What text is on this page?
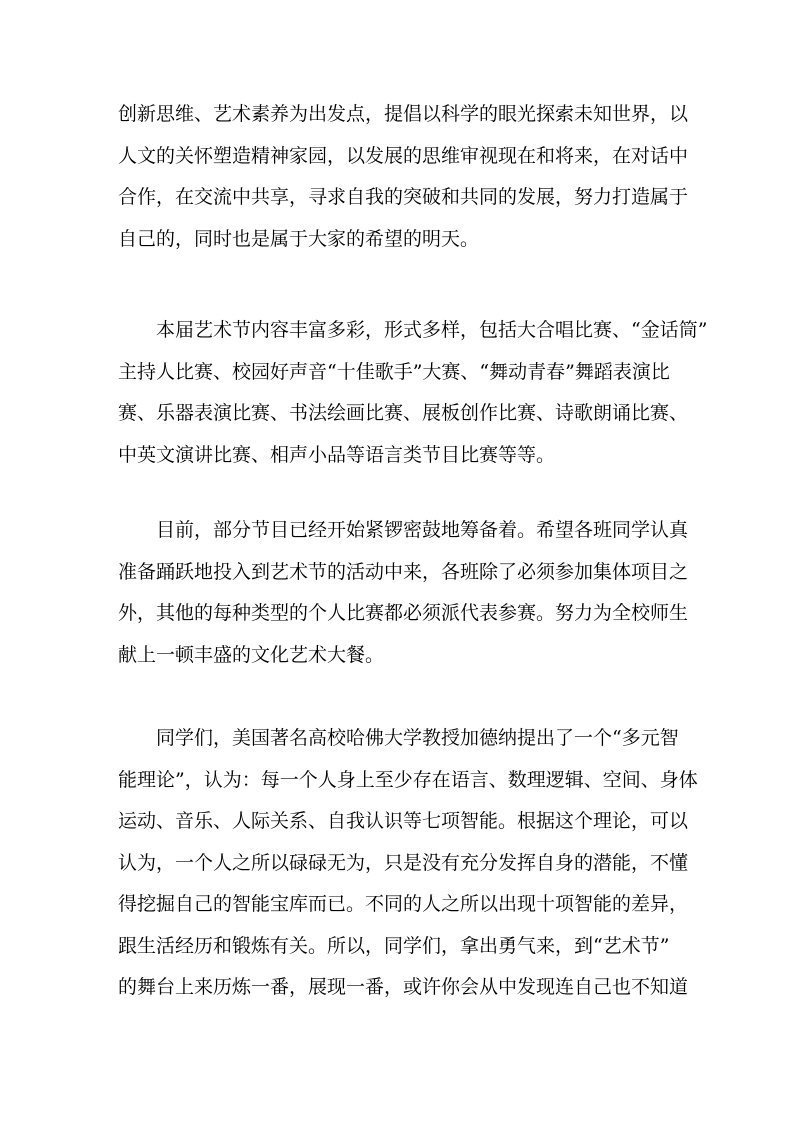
创新思维、艺术素养为出发点，提倡以科学的眼光探索未知世界，以
人文的关怀塑造精神家园，以发展的思维审视现在和将来，在对话中
合作，在交流中共享，寻求自我的突破和共同的发展，努力打造属于
自己的，同时也是属于大家的希望的明天。
本届艺术节内容丰富多彩，形式多样，包括大合唱比赛、“金话筒”
主持人比赛、校园好声音“十佳歌手”大赛、“舞动青春”舞蹈表演比
赛、乐器表演比赛、书法绘画比赛、展板创作比赛、诗歌朗诵比赛、
中英文演讲比赛、相声小品等语言类节目比赛等等。
目前，部分节目已经开始紧锣密鼓地筹备着。希望各班同学认真
准备踊跃地投入到艺术节的活动中来，各班除了必须参加集体项目之
外，其他的每种类型的个人比赛都必须派代表参赛。努力为全校师生
献上一顿丰盛的文化艺术大餐。
同学们，美国著名高校哈佛大学教授加德纳提出了一个“多元智
能理论”，认为：每一个人身上至少存在语言、数理逻辑、空间、身体
运动、音乐、人际关系、自我认识等七项智能。根据这个理论，可以
认为，一个人之所以碌碌无为，只是没有充分发挥自身的潜能，不懂
得挖掘自己的智能宝库而已。不同的人之所以出现十项智能的差异，
跟生活经历和锻炼有关。所以，同学们，拿出勇气来，到“艺术节”
的舞台上来历炼一番，展现一番，或许你会从中发现连自己也不知道
